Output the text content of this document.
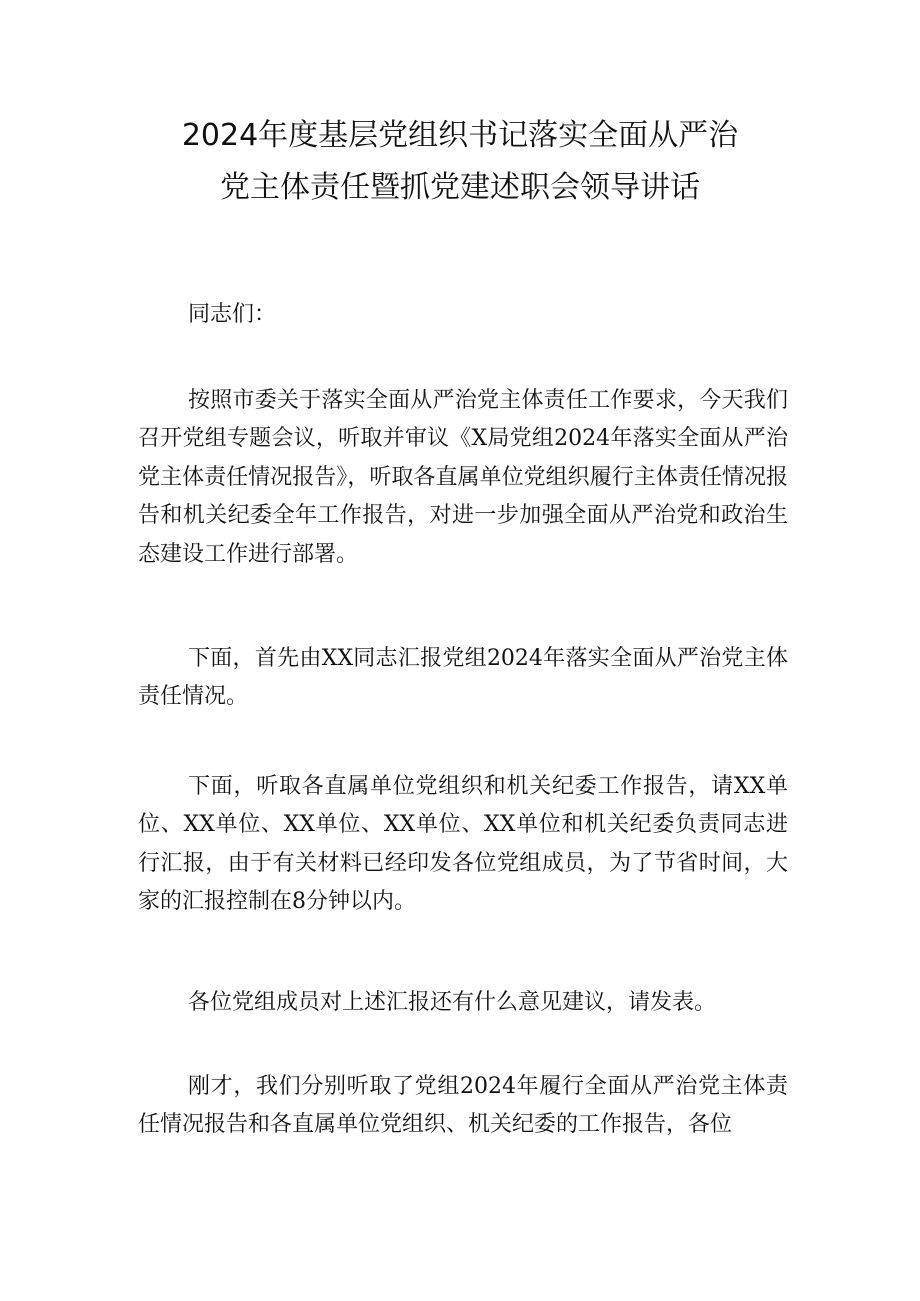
2024年度基层党组织书记落实全面从严治
党主体责任暨抓党建述职会领导讲话

同志们：

按照市委关于落实全面从严治党主体责任工作要求，今天我们召开党组专题会议，听取并审议《X局党组2024年落实全面从严治党主体责任情况报告》，听取各直属单位党组织履行主体责任情况报告和机关纪委全年工作报告，对进一步加强全面从严治党和政治生态建设工作进行部署。

下面，首先由XX同志汇报党组2024年落实全面从严治党主体责任情况。

下面，听取各直属单位党组织和机关纪委工作报告，请XX单位、XX单位、XX单位、XX单位、XX单位和机关纪委负责同志进行汇报，由于有关材料已经印发各位党组成员，为了节省时间，大家的汇报控制在8分钟以内。

各位党组成员对上述汇报还有什么意见建议，请发表。

刚才，我们分别听取了党组2024年履行全面从严治党主体责任情况报告和各直属单位党组织、机关纪委的工作报告，各位
